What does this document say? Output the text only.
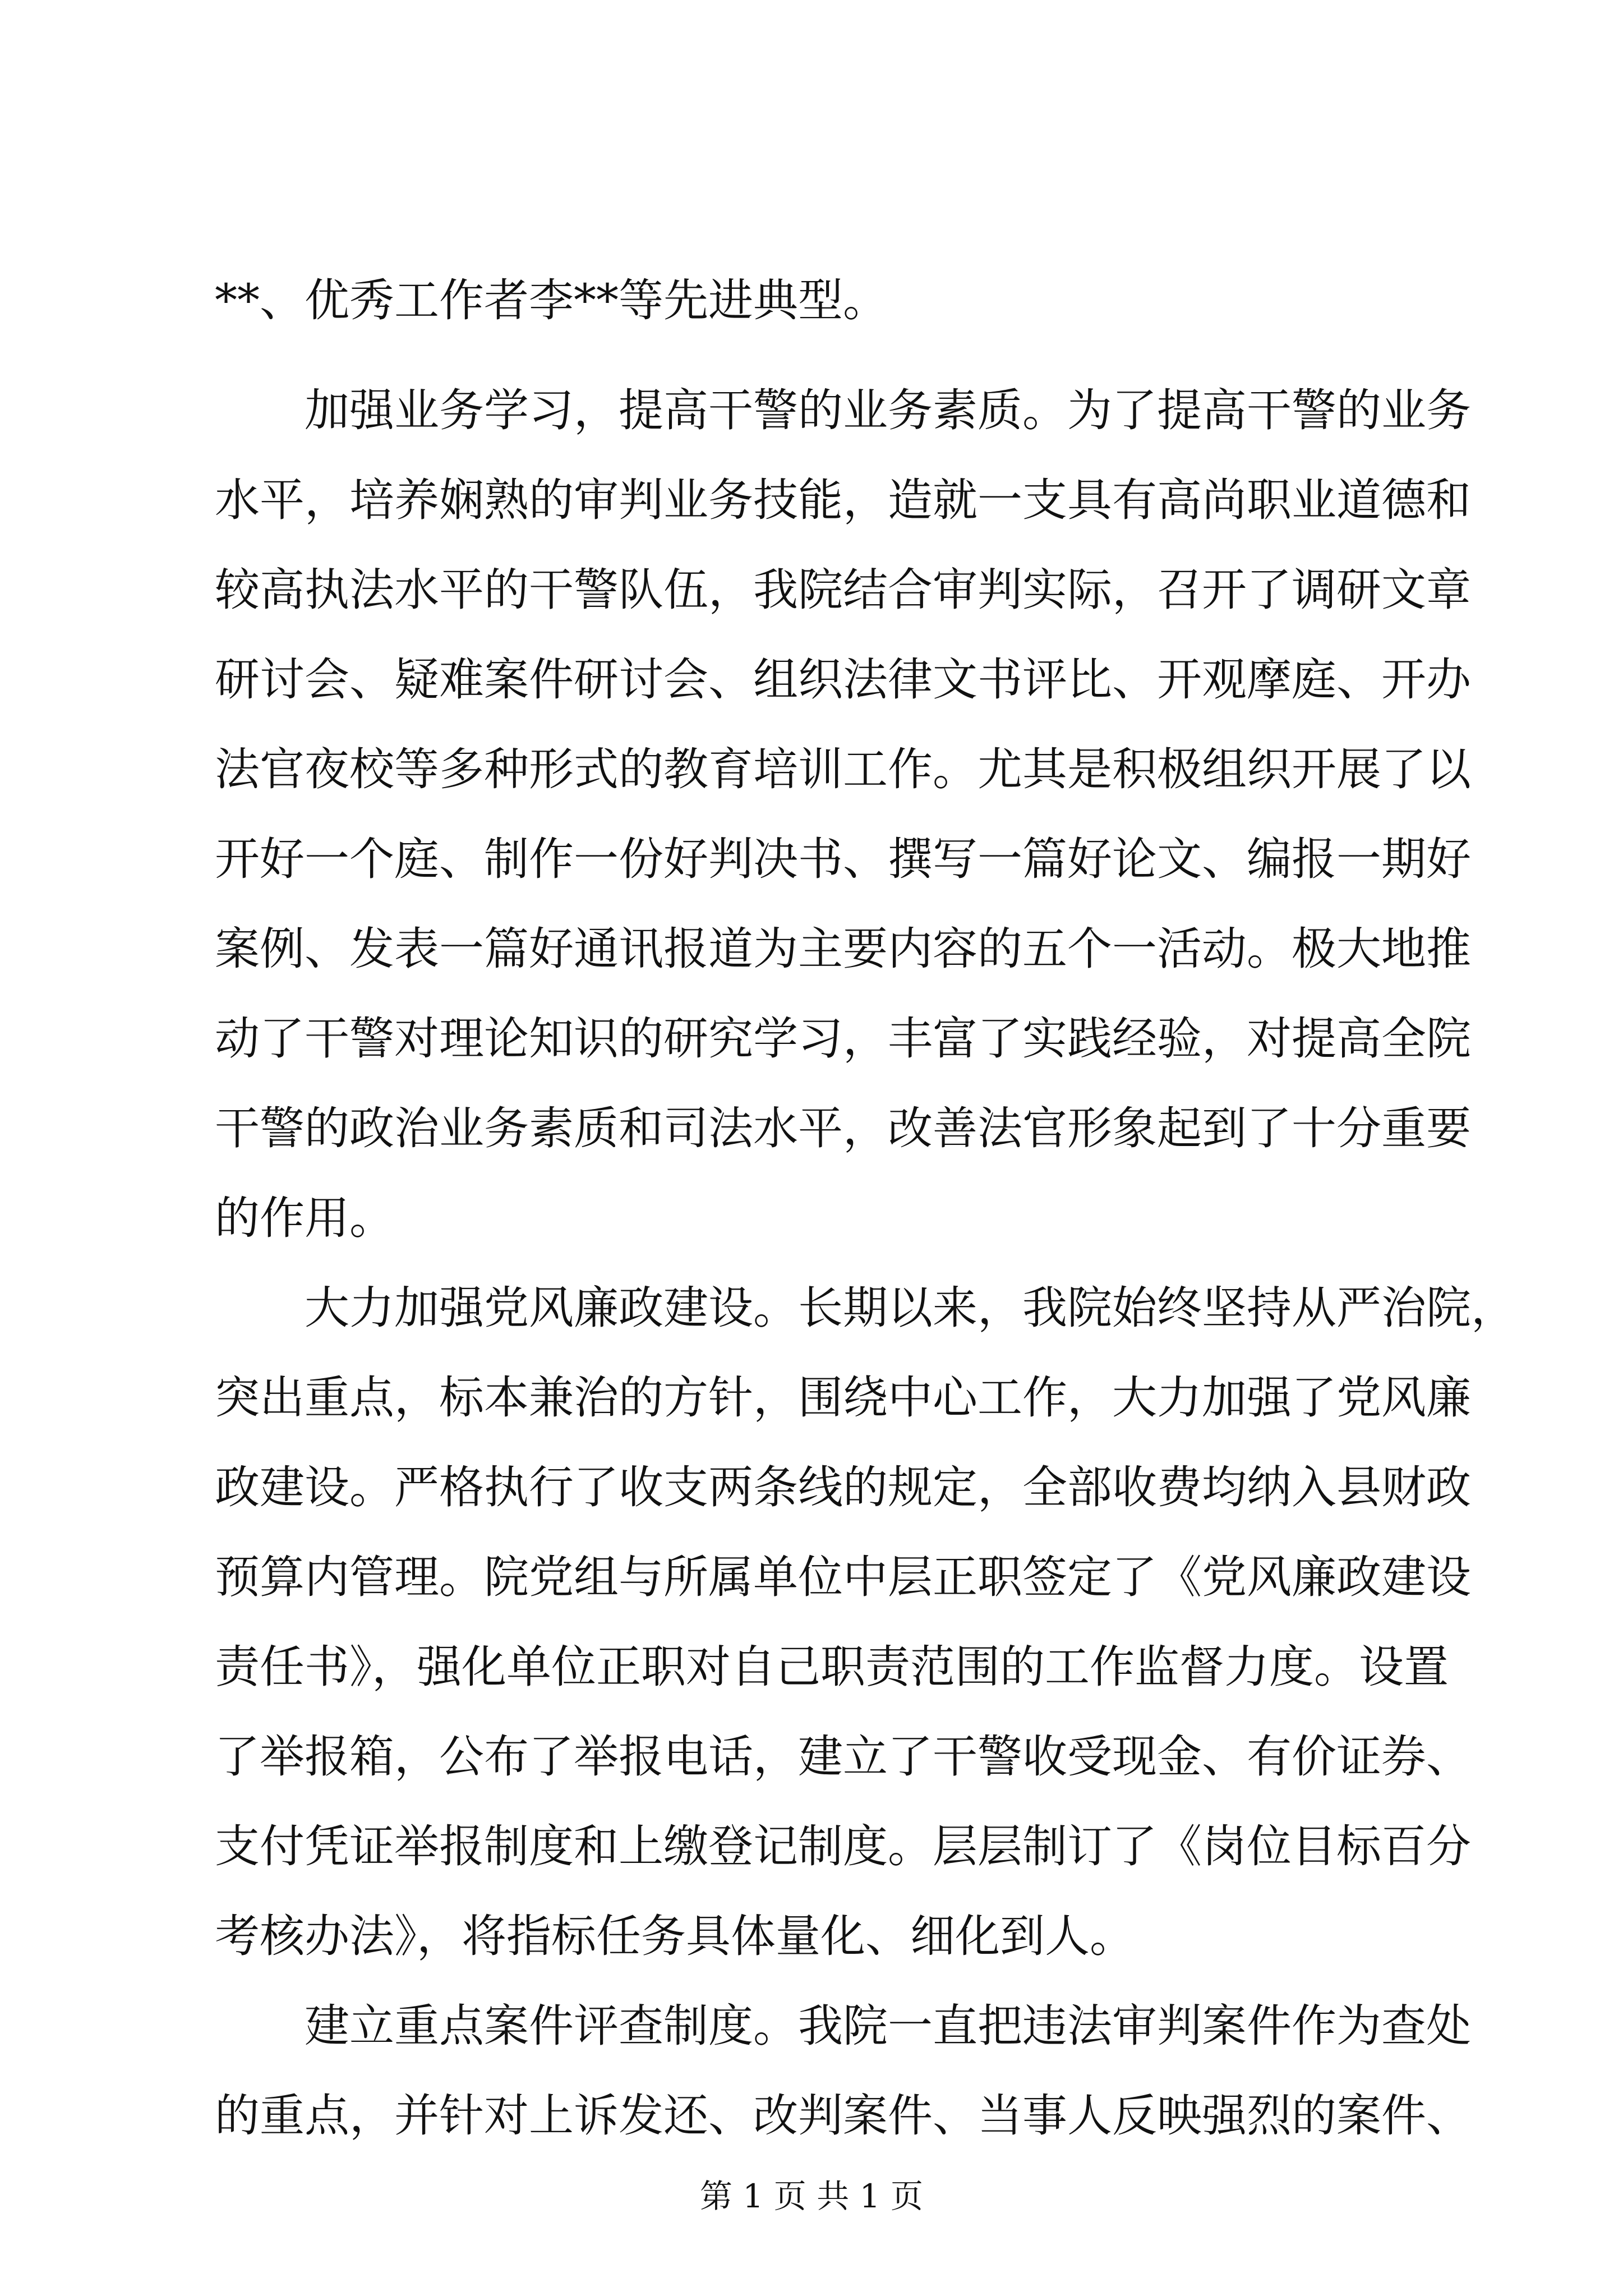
**、优秀工作者李**等先进典型。
加强业务学习，提高干警的业务素质。为了提高干警的业务
水平，培养娴熟的审判业务技能，造就一支具有高尚职业道德和
较高执法水平的干警队伍，我院结合审判实际，召开了调研文章
研讨会、疑难案件研讨会、组织法律文书评比、开观摩庭、开办
法官夜校等多种形式的教育培训工作。尤其是积极组织开展了以
开好一个庭、制作一份好判决书、撰写一篇好论文、编报一期好
案例、发表一篇好通讯报道为主要内容的五个一活动。极大地推
动了干警对理论知识的研究学习，丰富了实践经验，对提高全院
干警的政治业务素质和司法水平，改善法官形象起到了十分重要
的作用。
大力加强党风廉政建设。长期以来，我院始终坚持从严治院，
突出重点，标本兼治的方针，围绕中心工作，大力加强了党风廉
政建设。严格执行了收支两条线的规定，全部收费均纳入县财政
预算内管理。院党组与所属单位中层正职签定了《党风廉政建设
责任书》，强化单位正职对自己职责范围的工作监督力度。设置
了举报箱，公布了举报电话，建立了干警收受现金、有价证券、
支付凭证举报制度和上缴登记制度。层层制订了《岗位目标百分
考核办法》，将指标任务具体量化、细化到人。
建立重点案件评查制度。我院一直把违法审判案件作为查处
的重点，并针对上诉发还、改判案件、当事人反映强烈的案件、
第 1 页 共 1 页
